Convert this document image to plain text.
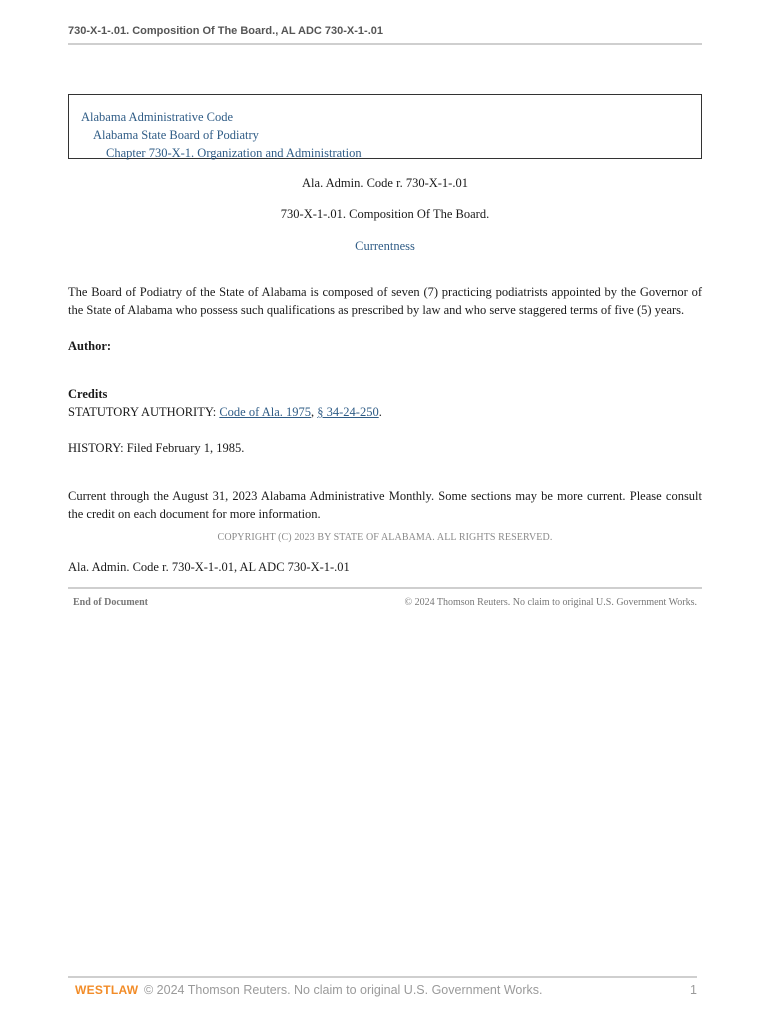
730-X-1-.01. Composition Of The Board., AL ADC 730-X-1-.01
Alabama Administrative Code
Alabama State Board of Podiatry
Chapter 730-X-1. Organization and Administration
Ala. Admin. Code r. 730-X-1-.01
730-X-1-.01. Composition Of The Board.
Currentness
The Board of Podiatry of the State of Alabama is composed of seven (7) practicing podiatrists appointed by the Governor of the State of Alabama who possess such qualifications as prescribed by law and who serve staggered terms of five (5) years.
Author:
Credits
STATUTORY AUTHORITY: Code of Ala. 1975, § 34-24-250.
HISTORY: Filed February 1, 1985.
Current through the August 31, 2023 Alabama Administrative Monthly. Some sections may be more current. Please consult the credit on each document for more information.
COPYRIGHT (C) 2023 BY STATE OF ALABAMA. ALL RIGHTS RESERVED.
Ala. Admin. Code r. 730-X-1-.01, AL ADC 730-X-1-.01
End of Document	© 2024 Thomson Reuters. No claim to original U.S. Government Works.
WESTLAW © 2024 Thomson Reuters. No claim to original U.S. Government Works.	1
